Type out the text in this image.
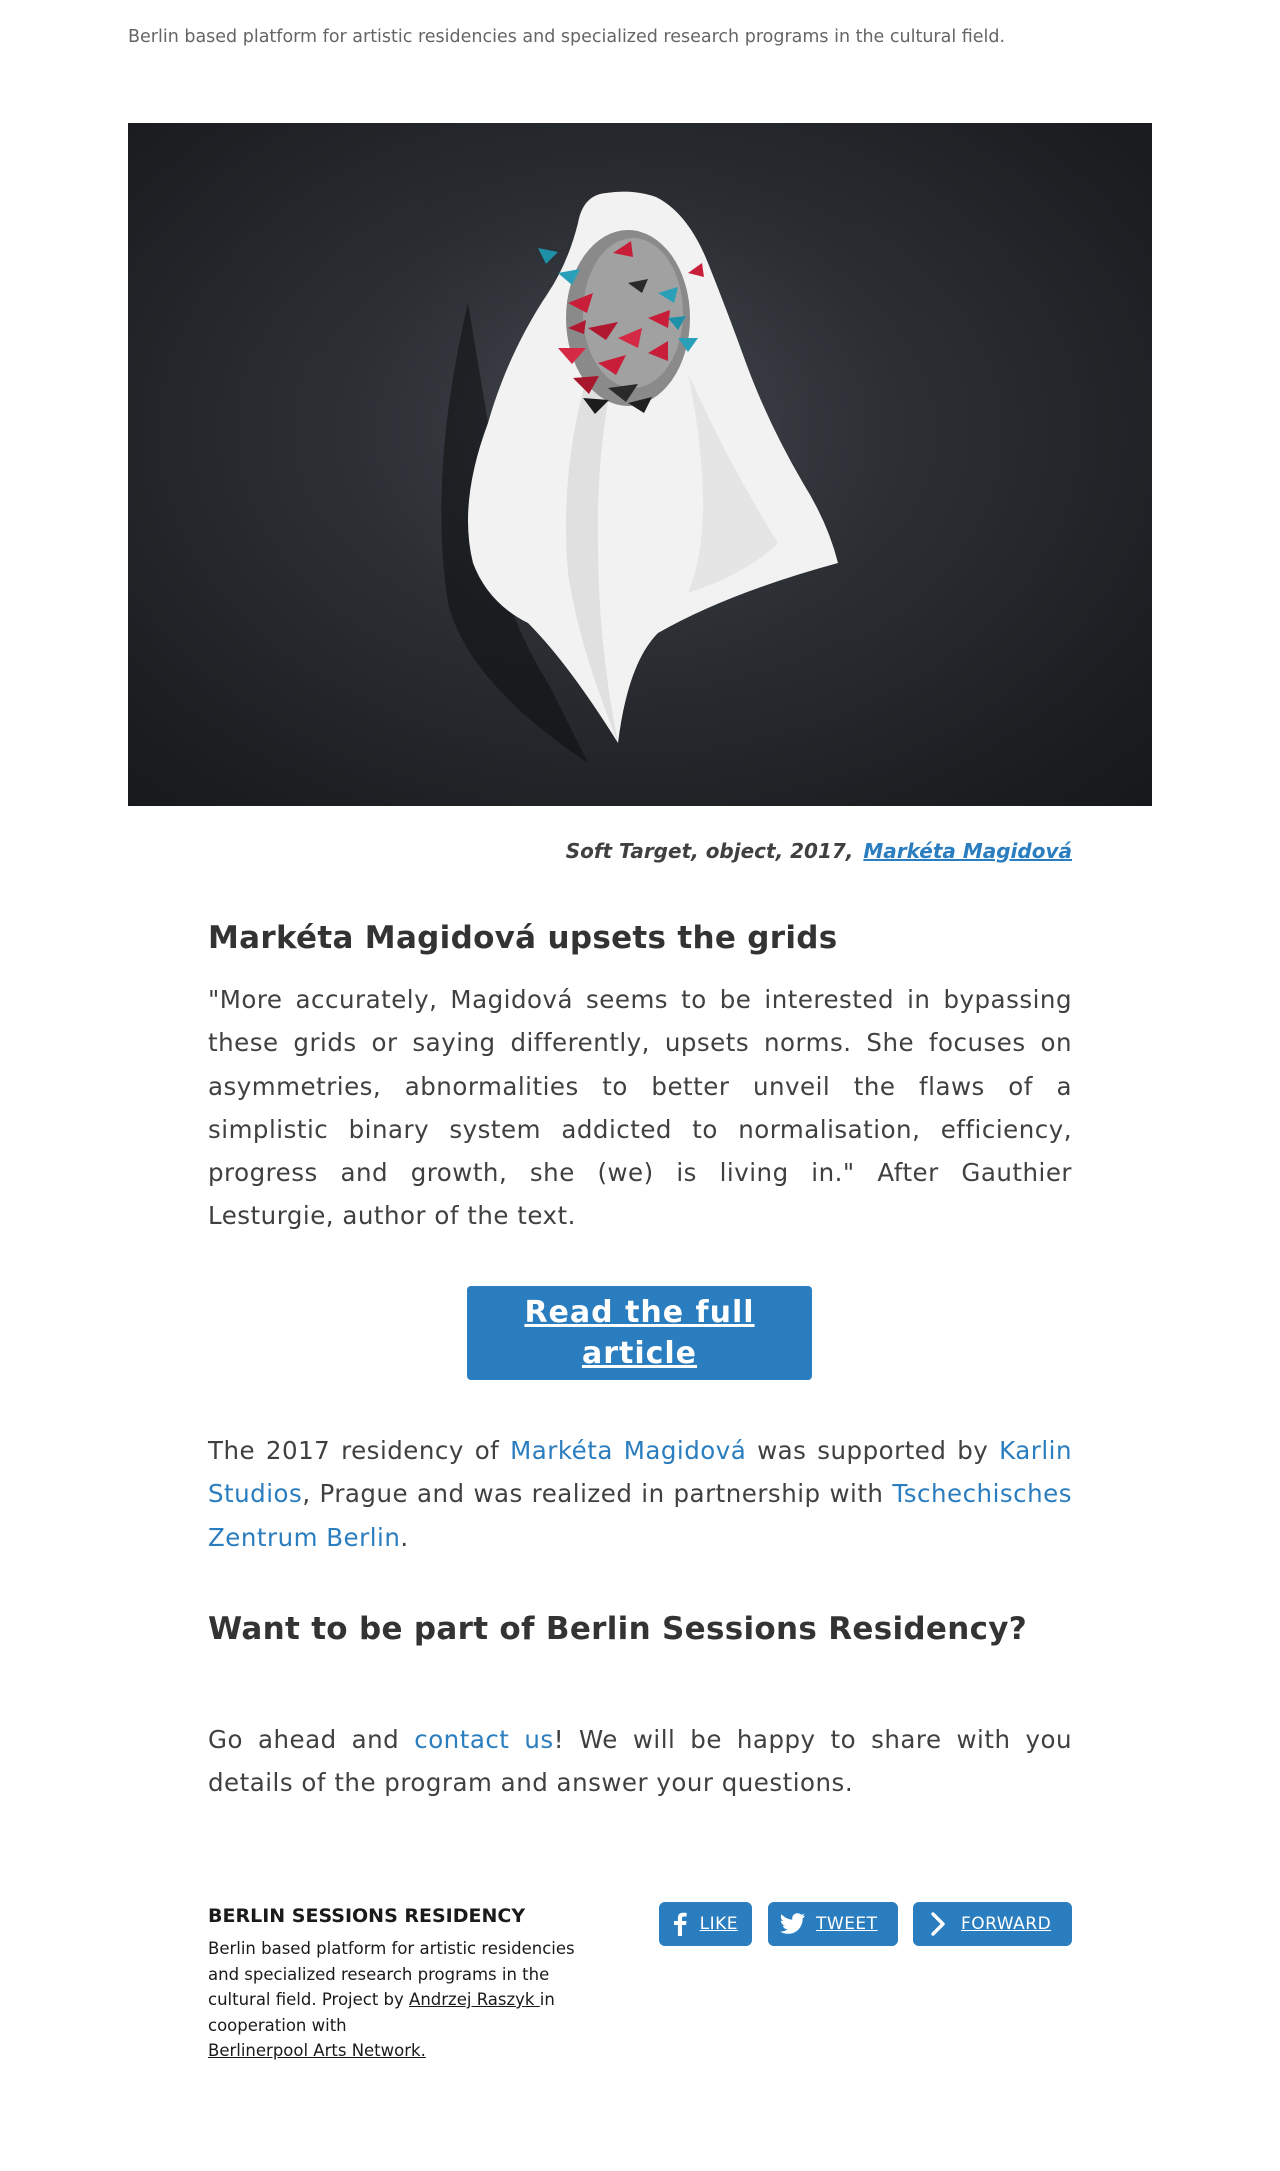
Berlin based platform for artistic residencies and specialized research programs in the cultural field.
Soft Target, object, 2017, Markéta Magidová
Markéta Magidová upsets the grids

"More accurately, Magidová seems to be interested in bypassing these grids or saying differently, upsets norms. She focuses on asymmetries, abnormalities to better unveil the flaws of a simplistic binary system addicted to normalisation, efficiency, progress and growth, she (we) is living in." After Gauthier Lesturgie, author of the text.

Read the full article

The 2017 residency of Markéta Magidová was supported by Karlin Studios, Prague and was realized in partnership with Tschechisches Zentrum Berlin.

Want to be part of Berlin Sessions Residency?

Go ahead and contact us! We will be happy to share with you details of the program and answer your questions.

BERLIN SESSIONS RESIDENCY
Berlin based platform for artistic residencies and specialized research programs in the cultural field. Project by Andrzej Raszyk in cooperation with
Berlinerpool Arts Network.
LIKE	TWEET	FORWARD
